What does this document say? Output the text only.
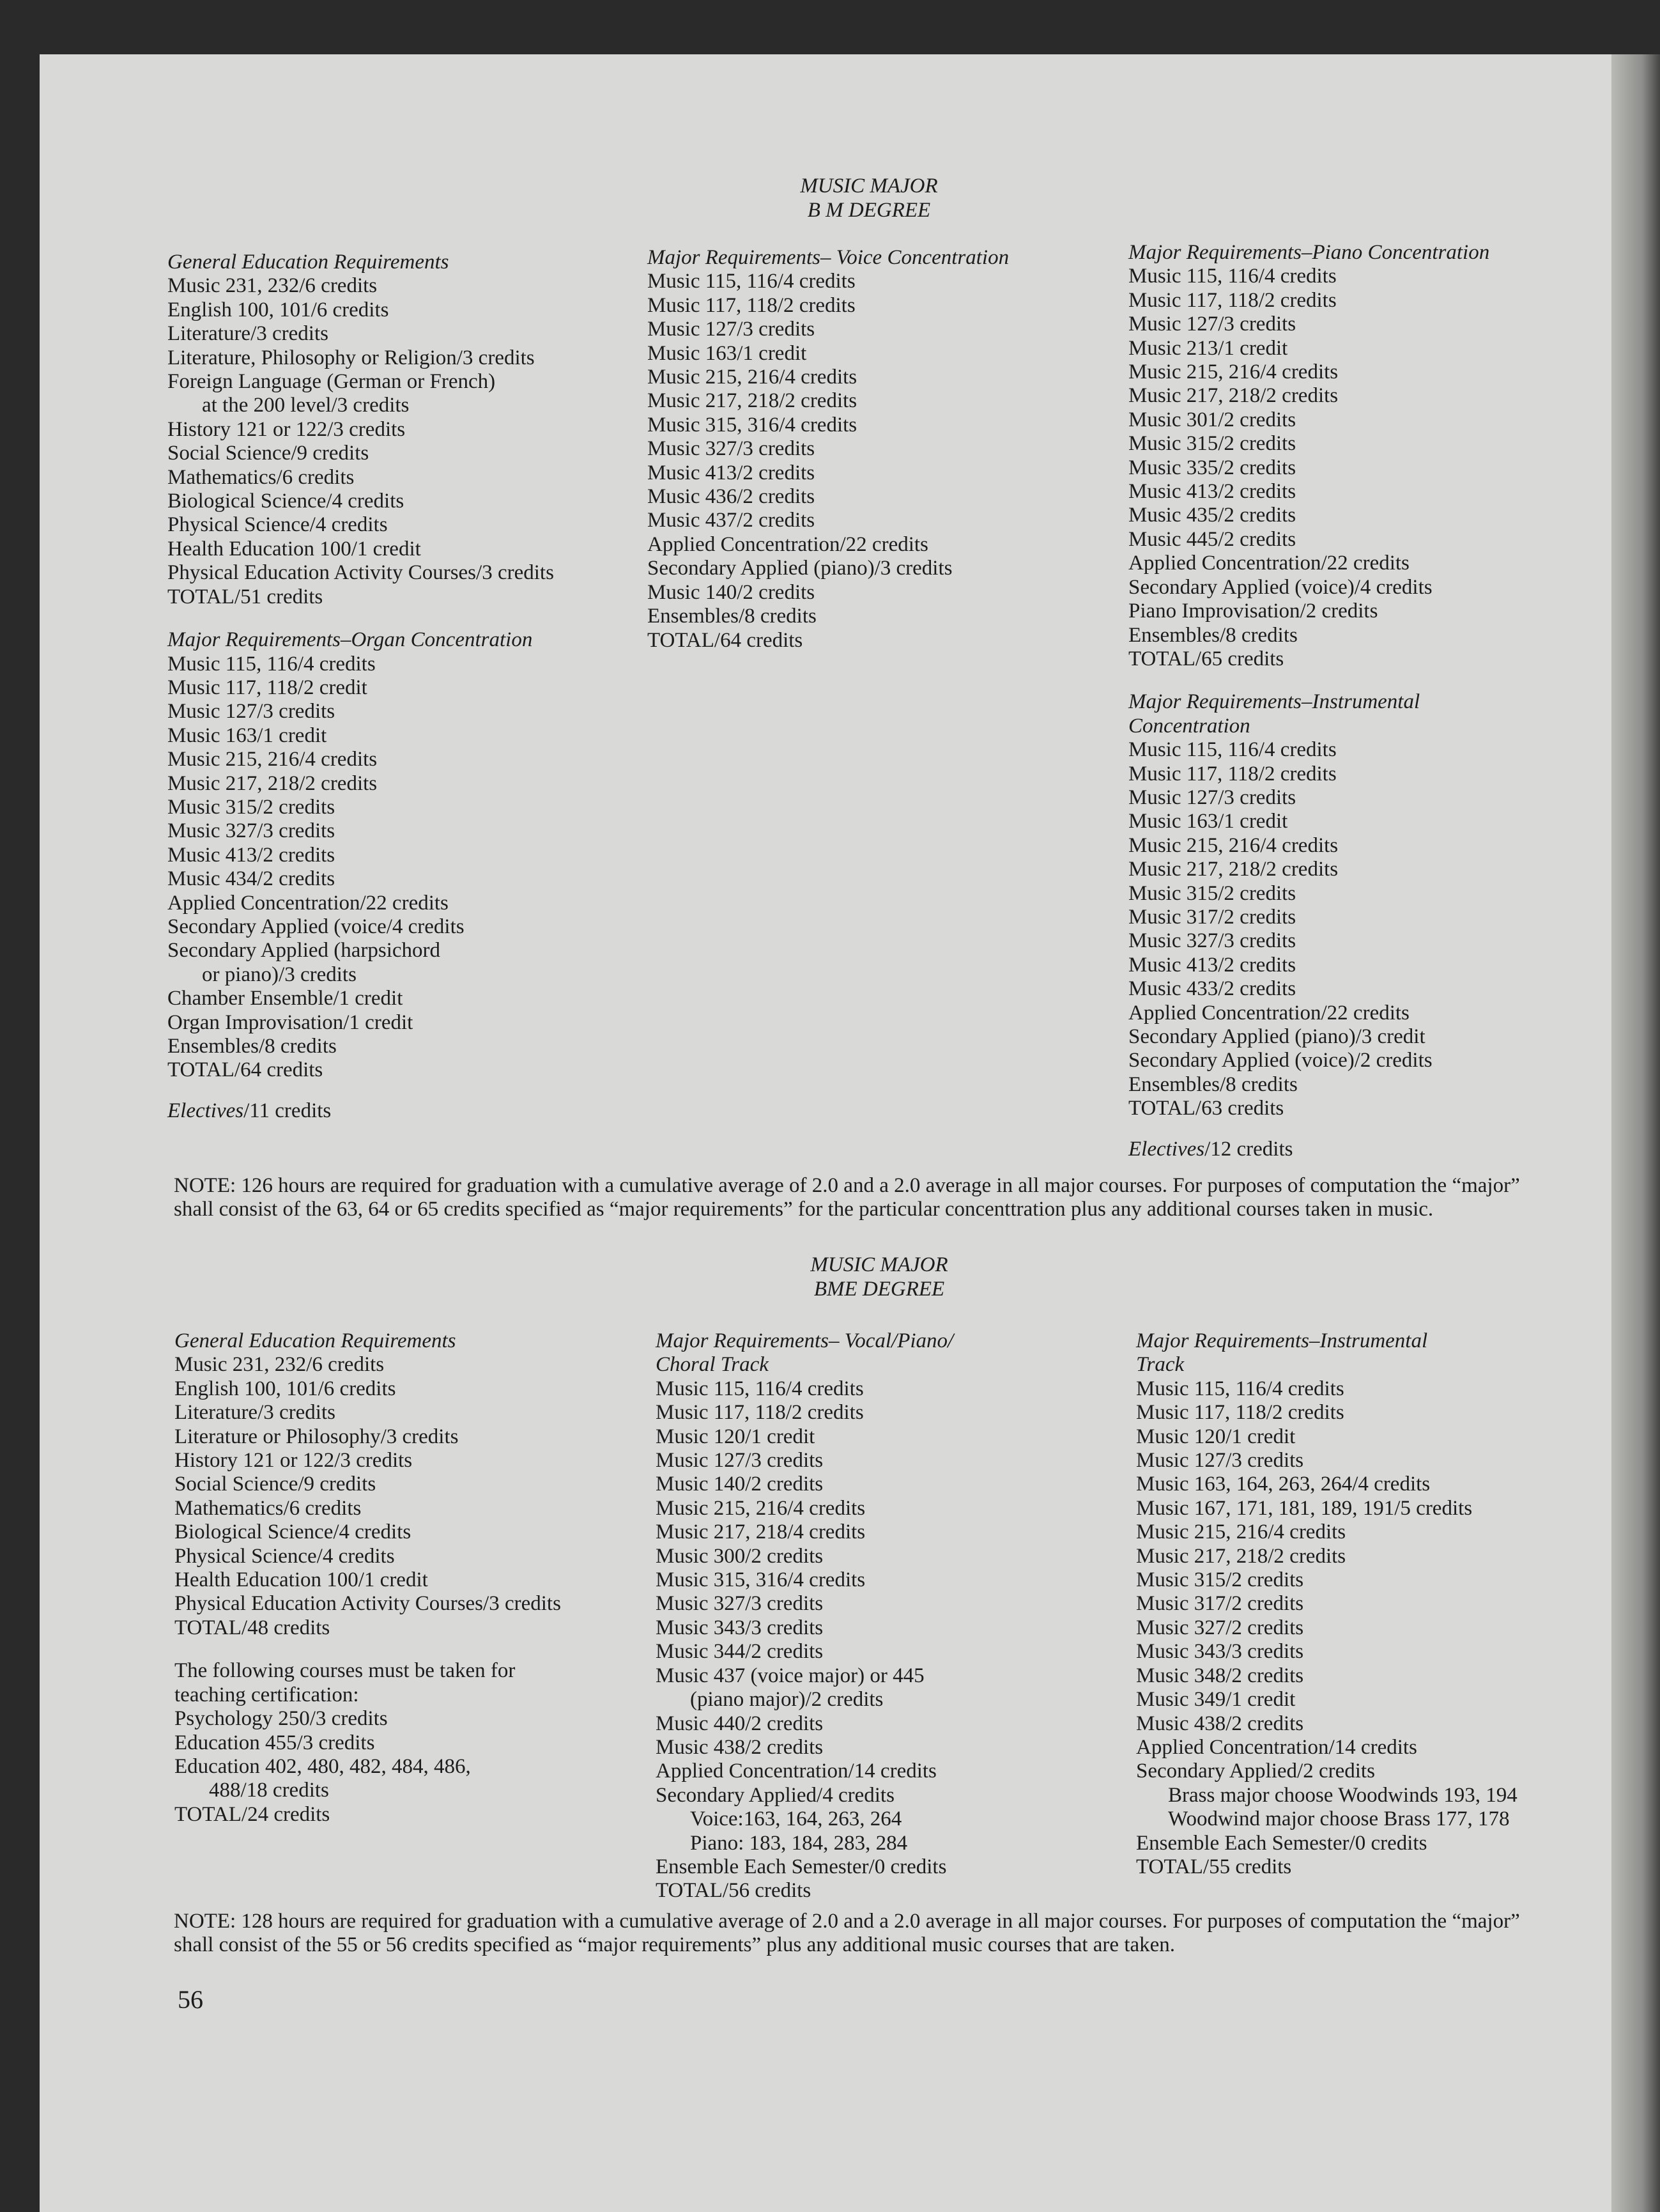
MUSIC MAJOR
B M DEGREE
General Education Requirements
Music 231, 232/6 credits
English 100, 101/6 credits
Literature/3 credits
Literature, Philosophy or Religion/3 credits
Foreign Language (German or French)
at the 200 level/3 credits
History 121 or 122/3 credits
Social Science/9 credits
Mathematics/6 credits
Biological Science/4 credits
Physical Science/4 credits
Health Education 100/1 credit
Physical Education Activity Courses/3 credits
TOTAL/51 credits
Major Requirements–Organ Concentration
Music 115, 116/4 credits
Music 117, 118/2 credit
Music 127/3 credits
Music 163/1 credit
Music 215, 216/4 credits
Music 217, 218/2 credits
Music 315/2 credits
Music 327/3 credits
Music 413/2 credits
Music 434/2 credits
Applied Concentration/22 credits
Secondary Applied (voice/4 credits
Secondary Applied (harpsichord
or piano)/3 credits
Chamber Ensemble/1 credit
Organ Improvisation/1 credit
Ensembles/8 credits
TOTAL/64 credits
Electives/11 credits
Major Requirements– Voice Concentration
Music 115, 116/4 credits
Music 117, 118/2 credits
Music 127/3 credits
Music 163/1 credit
Music 215, 216/4 credits
Music 217, 218/2 credits
Music 315, 316/4 credits
Music 327/3 credits
Music 413/2 credits
Music 436/2 credits
Music 437/2 credits
Applied Concentration/22 credits
Secondary Applied (piano)/3 credits
Music 140/2 credits
Ensembles/8 credits
TOTAL/64 credits
Major Requirements–Piano Concentration
Music 115, 116/4 credits
Music 117, 118/2 credits
Music 127/3 credits
Music 213/1 credit
Music 215, 216/4 credits
Music 217, 218/2 credits
Music 301/2 credits
Music 315/2 credits
Music 335/2 credits
Music 413/2 credits
Music 435/2 credits
Music 445/2 credits
Applied Concentration/22 credits
Secondary Applied (voice)/4 credits
Piano Improvisation/2 credits
Ensembles/8 credits
TOTAL/65 credits
Major Requirements–Instrumental
Concentration
Music 115, 116/4 credits
Music 117, 118/2 credits
Music 127/3 credits
Music 163/1 credit
Music 215, 216/4 credits
Music 217, 218/2 credits
Music 315/2 credits
Music 317/2 credits
Music 327/3 credits
Music 413/2 credits
Music 433/2 credits
Applied Concentration/22 credits
Secondary Applied (piano)/3 credit
Secondary Applied (voice)/2 credits
Ensembles/8 credits
TOTAL/63 credits
Electives/12 credits
NOTE: 126 hours are required for graduation with a cumulative average of 2.0 and a 2.0 average in all major courses. For purposes of computation the “major” shall consist of the 63, 64 or 65 credits specified as “major requirements” for the particular concenttration plus any additional courses taken in music.
MUSIC MAJOR
BME DEGREE
General Education Requirements
Music 231, 232/6 credits
English 100, 101/6 credits
Literature/3 credits
Literature or Philosophy/3 credits
History 121 or 122/3 credits
Social Science/9 credits
Mathematics/6 credits
Biological Science/4 credits
Physical Science/4 credits
Health Education 100/1 credit
Physical Education Activity Courses/3 credits
TOTAL/48 credits
The following courses must be taken for
teaching certification:
Psychology 250/3 credits
Education 455/3 credits
Education 402, 480, 482, 484, 486,
488/18 credits
TOTAL/24 credits
Major Requirements– Vocal/Piano/
Choral Track
Music 115, 116/4 credits
Music 117, 118/2 credits
Music 120/1 credit
Music 127/3 credits
Music 140/2 credits
Music 215, 216/4 credits
Music 217, 218/4 credits
Music 300/2 credits
Music 315, 316/4 credits
Music 327/3 credits
Music 343/3 credits
Music 344/2 credits
Music 437 (voice major) or 445
(piano major)/2 credits
Music 440/2 credits
Music 438/2 credits
Applied Concentration/14 credits
Secondary Applied/4 credits
Voice:163, 164, 263, 264
Piano: 183, 184, 283, 284
Ensemble Each Semester/0 credits
TOTAL/56 credits
Major Requirements–Instrumental
Track
Music 115, 116/4 credits
Music 117, 118/2 credits
Music 120/1 credit
Music 127/3 credits
Music 163, 164, 263, 264/4 credits
Music 167, 171, 181, 189, 191/5 credits
Music 215, 216/4 credits
Music 217, 218/2 credits
Music 315/2 credits
Music 317/2 credits
Music 327/2 credits
Music 343/3 credits
Music 348/2 credits
Music 349/1 credit
Music 438/2 credits
Applied Concentration/14 credits
Secondary Applied/2 credits
Brass major choose Woodwinds 193, 194
Woodwind major choose Brass 177, 178
Ensemble Each Semester/0 credits
TOTAL/55 credits
NOTE: 128 hours are required for graduation with a cumulative average of 2.0 and a 2.0 average in all major courses. For purposes of computation the “major” shall consist of the 55 or 56 credits specified as “major requirements” plus any additional music courses that are taken.
56
